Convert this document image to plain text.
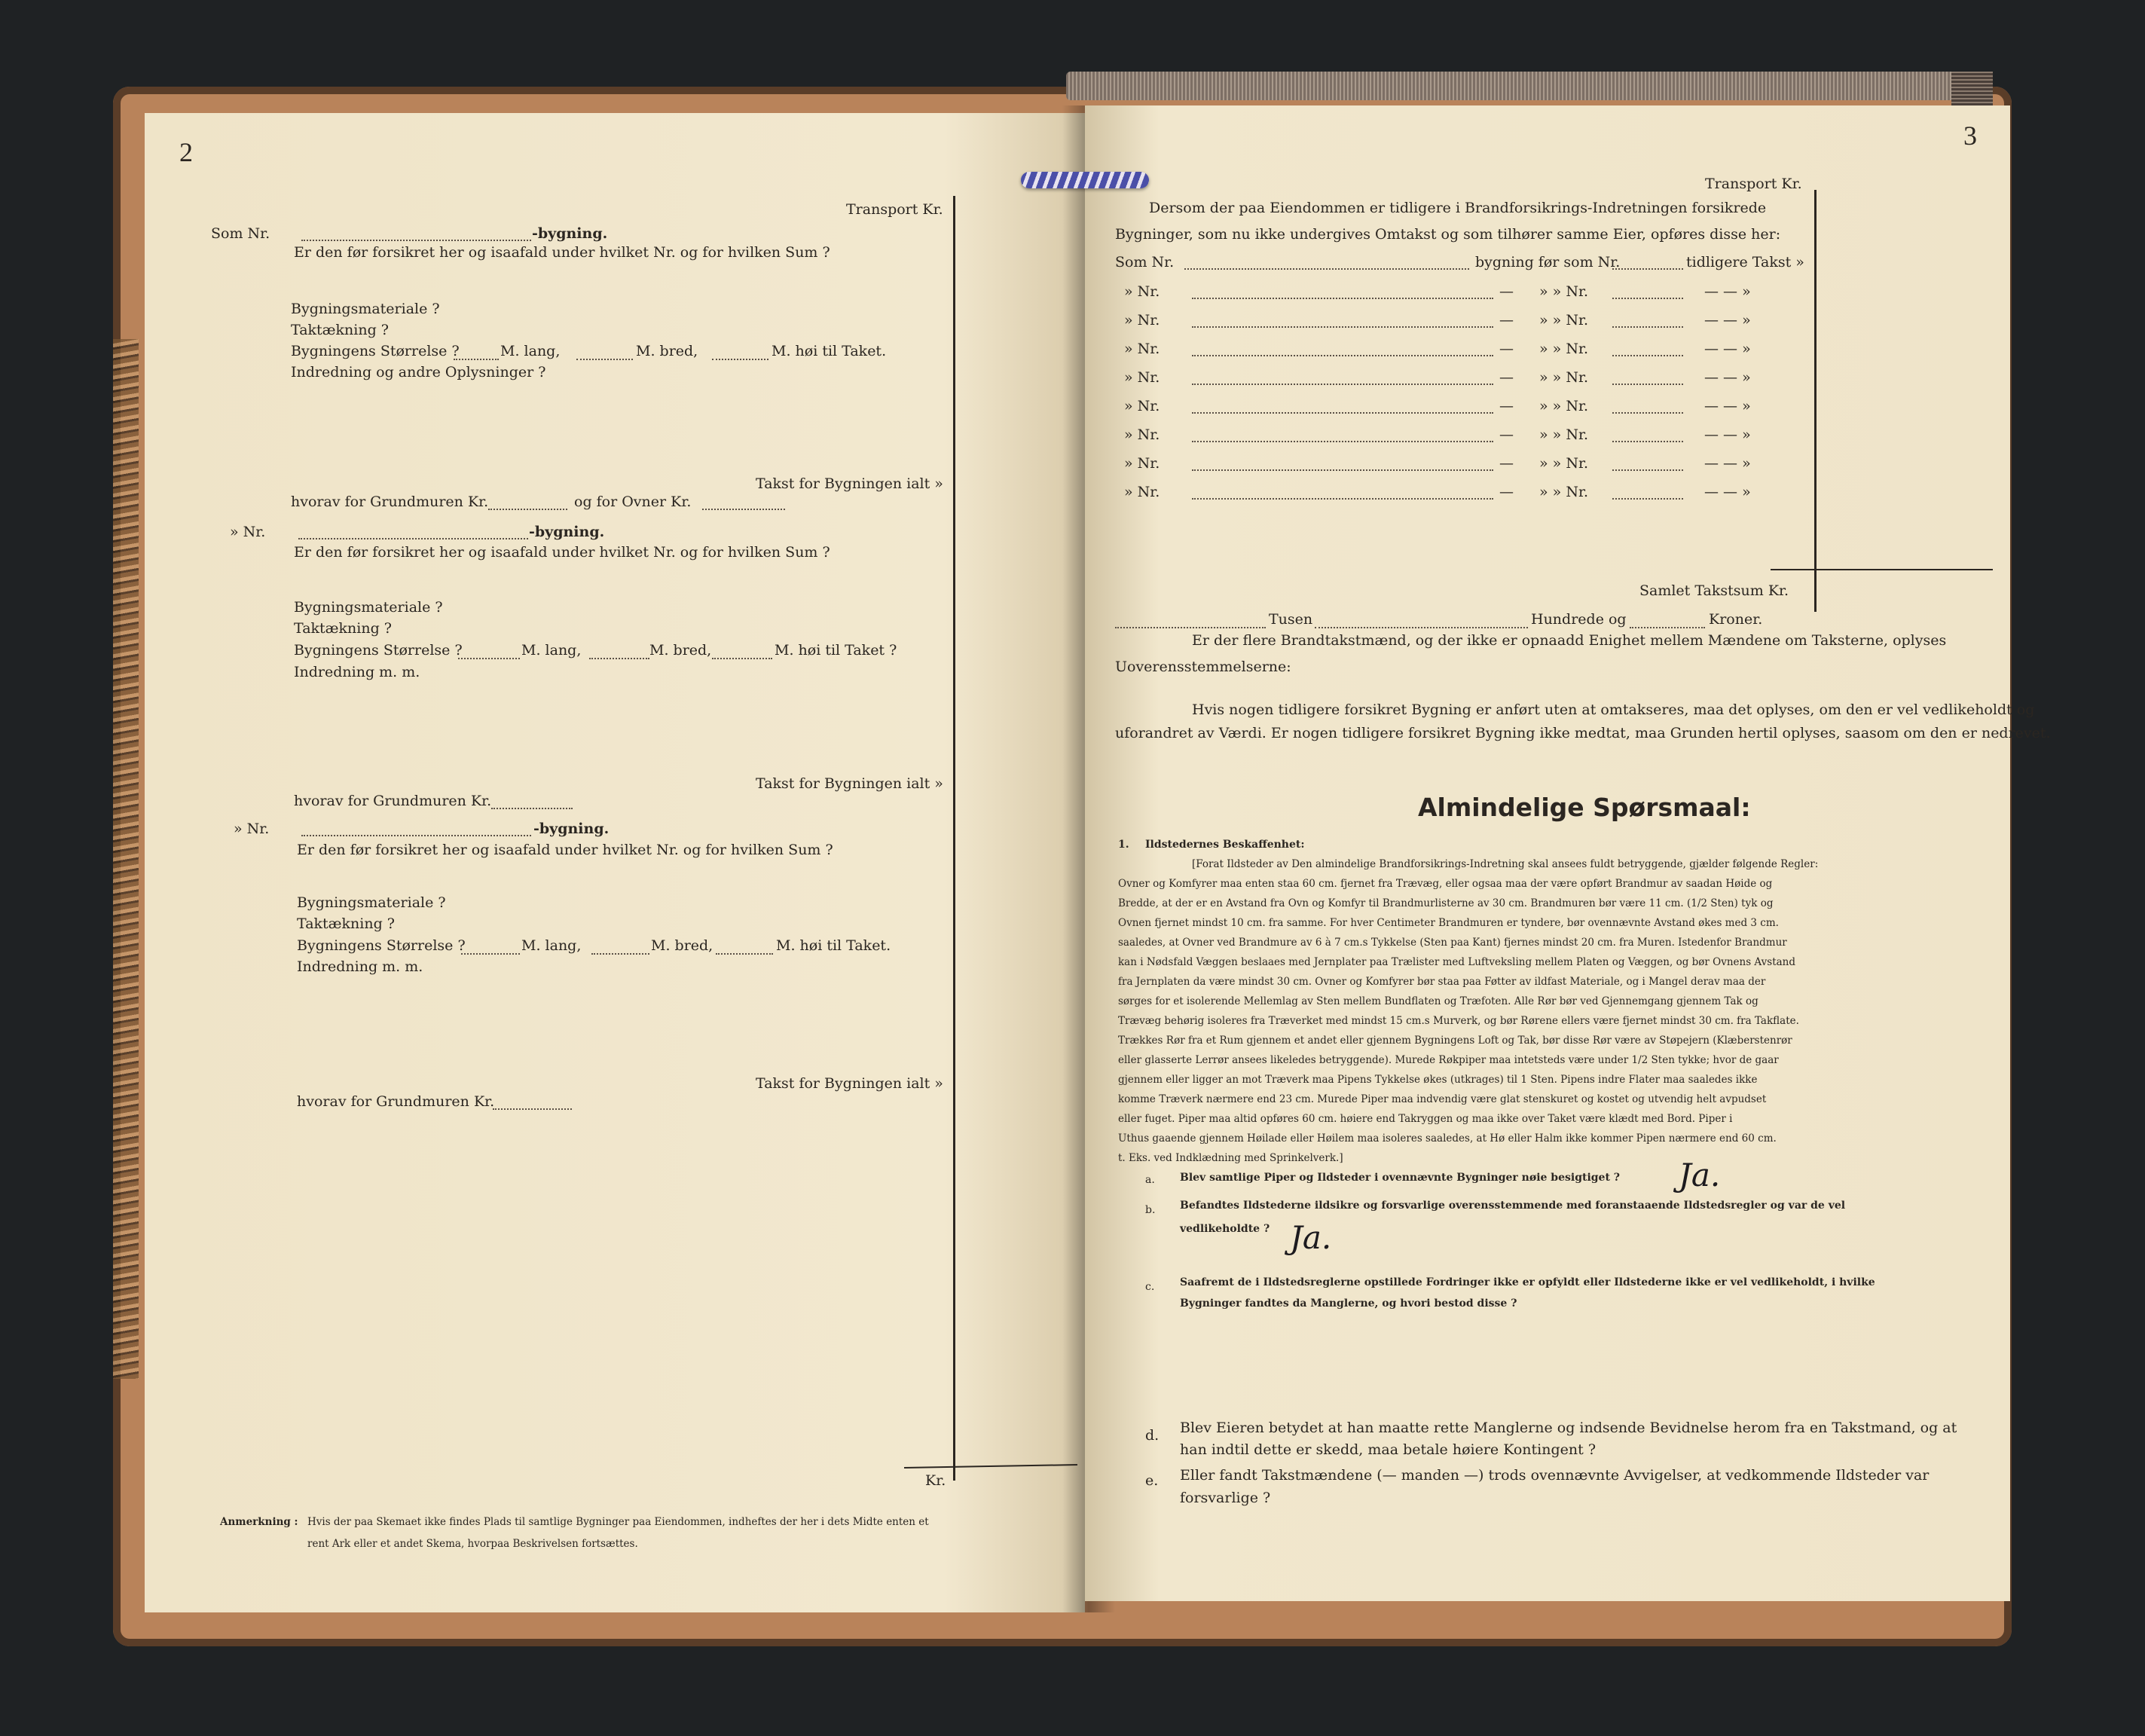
2
Transport Kr.
Som Nr.	-bygning.
Er den før forsikret her og isaafald under hvilket Nr. og for hvilken Sum ?
Bygningsmateriale ?
Taktækning ?
Bygningens Størrelse ?	M. lang,	M. bred,	M. høi til Taket.
Indredning og andre Oplysninger ?
Takst for Bygningen ialt »
hvorav for Grundmuren Kr.	og for Ovner Kr.
» Nr.	-bygning.
Er den før forsikret her og isaafald under hvilket Nr. og for hvilken Sum ?
Bygningsmateriale ?
Taktækning ?
Bygningens Størrelse ?	M. lang,	M. bred,	M. høi til Taket ?
Indredning m. m.
Takst for Bygningen ialt »
hvorav for Grundmuren Kr.
» Nr.	-bygning.
Er den før forsikret her og isaafald under hvilket Nr. og for hvilken Sum ?
Bygningsmateriale ?
Taktækning ?
Bygningens Størrelse ?	M. lang,	M. bred,	M. høi til Taket.
Indredning m. m.
Takst for Bygningen ialt »
hvorav for Grundmuren Kr.
Kr.
Anmerkning : Hvis der paa Skemaet ikke findes Plads til samtlige Bygninger paa Eiendommen, indheftes der her i dets Midte enten et
rent Ark eller et andet Skema, hvorpaa Beskrivelsen fortsættes.
3
Transport Kr.
Dersom der paa Eiendommen er tidligere i Brandforsikrings-Indretningen forsikrede
Bygninger, som nu ikke undergives Omtakst og som tilhører samme Eier, opføres disse her:
Som Nr.	bygning før som Nr.	tidligere Takst »
» Nr.	— » » Nr.	— — »
» Nr.	— » » Nr.	— — »
» Nr.	— » » Nr.	— — »
» Nr.	— » » Nr.	— — »
» Nr.	— » » Nr.	— — »
» Nr.	— » » Nr.	— — »
» Nr.	— » » Nr.	— — »
» Nr.	— » » Nr.	— — »
Samlet Takstsum Kr.
Tusen	Hundrede og	Kroner.
Er der flere Brandtakstmænd, og der ikke er opnaadd Enighet mellem Mændene om Taksterne, oplyses
Uoverensstemmelserne:
Hvis nogen tidligere forsikret Bygning er anført uten at omtakseres, maa det oplyses, om den er vel vedlikeholdt og
uforandret av Værdi. Er nogen tidligere forsikret Bygning ikke medtat, maa Grunden hertil oplyses, saasom om den er nedrevet.
Almindelige Spørsmaal:
1. Ildstedernes Beskaffenhet:
[Forat Ildsteder av Den almindelige Brandforsikrings-Indretning skal ansees fuldt betryggende, gjælder følgende Regler:
Ovner og Komfyrer maa enten staa 60 cm. fjernet fra Trævæg, eller ogsaa maa der være opført Brandmur av saadan Høide og
Bredde, at der er en Avstand fra Ovn og Komfyr til Brandmurlisterne av 30 cm. Brandmuren bør være 11 cm. (1/2 Sten) tyk og
Ovnen fjernet mindst 10 cm. fra samme. For hver Centimeter Brandmuren er tyndere, bør ovennævnte Avstand økes med 3 cm.
saaledes, at Ovner ved Brandmure av 6 à 7 cm.s Tykkelse (Sten paa Kant) fjernes mindst 20 cm. fra Muren. Istedenfor Brandmur
kan i Nødsfald Væggen beslaaes med Jernplater paa Trælister med Luftveksling mellem Platen og Væggen, og bør Ovnens Avstand
fra Jernplaten da være mindst 30 cm. Ovner og Komfyrer bør staa paa Føtter av ildfast Materiale, og i Mangel derav maa der
sørges for et isolerende Mellemlag av Sten mellem Bundflaten og Træfoten. Alle Rør bør ved Gjennemgang gjennem Tak og
Trævæg behørig isoleres fra Træverket med mindst 15 cm.s Murverk, og bør Rørene ellers være fjernet mindst 30 cm. fra Takflate.
Trækkes Rør fra et Rum gjennem et andet eller gjennem Bygningens Loft og Tak, bør disse Rør være av Støpejern (Klæberstenrør
eller glasserte Lerrør ansees likeledes betryggende). Murede Røkpiper maa intetsteds være under 1/2 Sten tykke; hvor de gaar
gjennem eller ligger an mot Træverk maa Pipens Tykkelse økes (utkrages) til 1 Sten. Pipens indre Flater maa saaledes ikke
komme Træverk nærmere end 23 cm. Murede Piper maa indvendig være glat stenskuret og kostet og utvendig helt avpudset
eller fuget. Piper maa altid opføres 60 cm. høiere end Takryggen og maa ikke over Taket være klædt med Bord. Piper i
Uthus gaaende gjennem Høilade eller Høilem maa isoleres saaledes, at Hø eller Halm ikke kommer Pipen nærmere end 60 cm.
t. Eks. ved Indklædning med Sprinkelverk.]
a. Blev samtlige Piper og Ildsteder i ovennævnte Bygninger nøie besigtiget ? Ja.
b. Befandtes Ildstederne ildsikre og forsvarlige overensstemmende med foranstaaende Ildstedsregler og var de vel
vedlikeholdte ? Ja.
c. Saafremt de i Ildstedsreglerne opstillede Fordringer ikke er opfyldt eller Ildstederne ikke er vel vedlikeholdt, i hvilke
Bygninger fandtes da Manglerne, og hvori bestod disse ?
d. Blev Eieren betydet at han maatte rette Manglerne og indsende Bevidnelse herom fra en Takstmand, og at
han indtil dette er skedd, maa betale høiere Kontingent ?
e. Eller fandt Takstmændene (— manden —) trods ovennævnte Avvigelser, at vedkommende Ildsteder var
forsvarlige ?
